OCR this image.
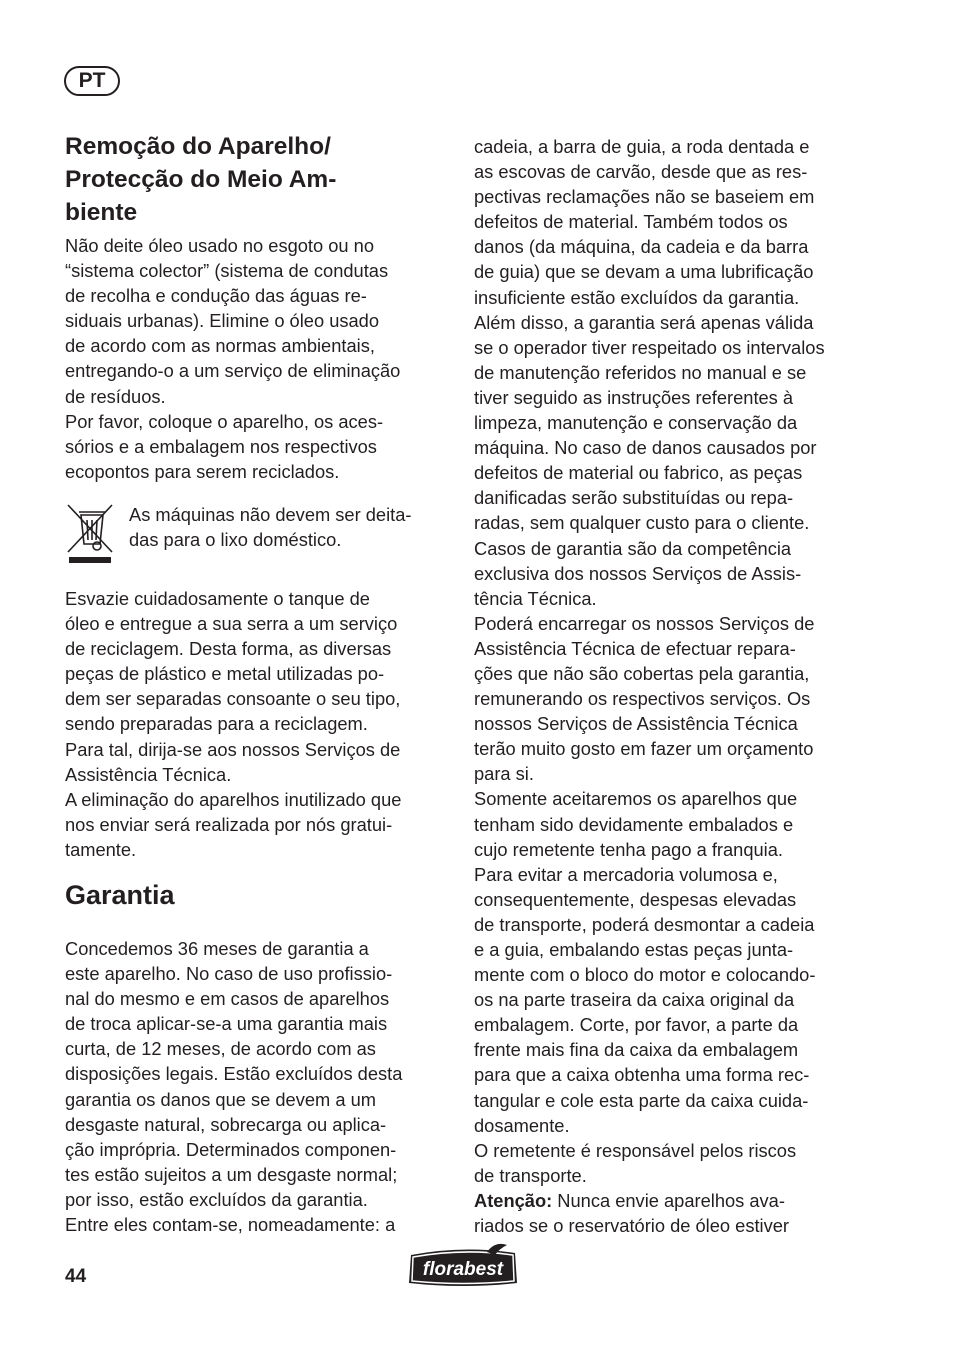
PT
Remoção do Aparelho/
Protecção do Meio Am-
biente

Não deite óleo usado no esgoto ou no
“sistema colector” (sistema de condutas
de recolha e condução das águas re-
siduais urbanas). Elimine o óleo usado
de acordo com as normas ambientais,
entregando-o a um serviço de eliminação
de resíduos.

Por favor, coloque o aparelho, os aces-
sórios e a embalagem nos respectivos
ecopontos para serem reciclados.

As máquinas não devem ser deita-
das para o lixo doméstico.

Esvazie cuidadosamente o tanque de
óleo e entregue a sua serra a um serviço
de reciclagem. Desta forma, as diversas
peças de plástico e metal utilizadas po-
dem ser separadas consoante o seu tipo,
sendo preparadas para a reciclagem.

Para tal, dirija-se aos nossos Serviços de
Assistência Técnica.

A eliminação do aparelhos inutilizado que
nos enviar será realizada por nós gratui-
tamente.

Garantia

Concedemos 36 meses de garantia a
este aparelho. No caso de uso profissio-
nal do mesmo e em casos de aparelhos
de troca aplicar-se-a uma garantia mais
curta, de 12 meses, de acordo com as
disposições legais. Estão excluídos desta
garantia os danos que se devem a um
desgaste natural, sobrecarga ou aplica-
ção imprópria. Determinados componen-
tes estão sujeitos a um desgaste normal;
por isso, estão excluídos da garantia.
Entre eles contam-se, nomeadamente: a

cadeia, a barra de guia, a roda dentada e
as escovas de carvão, desde que as res-
pectivas reclamações não se baseiem em
defeitos de material. Também todos os
danos (da máquina, da cadeia e da barra
de guia) que se devam a uma lubrificação
insuficiente estão excluídos da garantia.

Além disso, a garantia será apenas válida
se o operador tiver respeitado os intervalos
de manutenção referidos no manual e se
tiver seguido as instruções referentes à
limpeza, manutenção e conservação da
máquina. No caso de danos causados por
defeitos de material ou fabrico, as peças
danificadas serão substituídas ou repa-
radas, sem qualquer custo para o cliente.

Casos de garantia são da competência
exclusiva dos nossos Serviços de Assis-
tência Técnica.

Poderá encarregar os nossos Serviços de
Assistência Técnica de efectuar repara-
ções que não são cobertas pela garantia,
remunerando os respectivos serviços. Os
nossos Serviços de Assistência Técnica
terão muito gosto em fazer um orçamento
para si.

Somente aceitaremos os aparelhos que
tenham sido devidamente embalados e
cujo remetente tenha pago a franquia.
Para evitar a mercadoria volumosa e,
consequentemente, despesas elevadas
de transporte, poderá desmontar a cadeia
e a guia, embalando estas peças junta-
mente com o bloco do motor e colocando-
os na parte traseira da caixa original da
embalagem. Corte, por favor, a parte da
frente mais fina da caixa da embalagem
para que a caixa obtenha uma forma rec-
tangular e cole esta parte da caixa cuida-
dosamente.

O remetente é responsável pelos riscos
de transporte.

Atenção: Nunca envie aparelhos ava-
riados se o reservatório de óleo estiver

44	florabest
